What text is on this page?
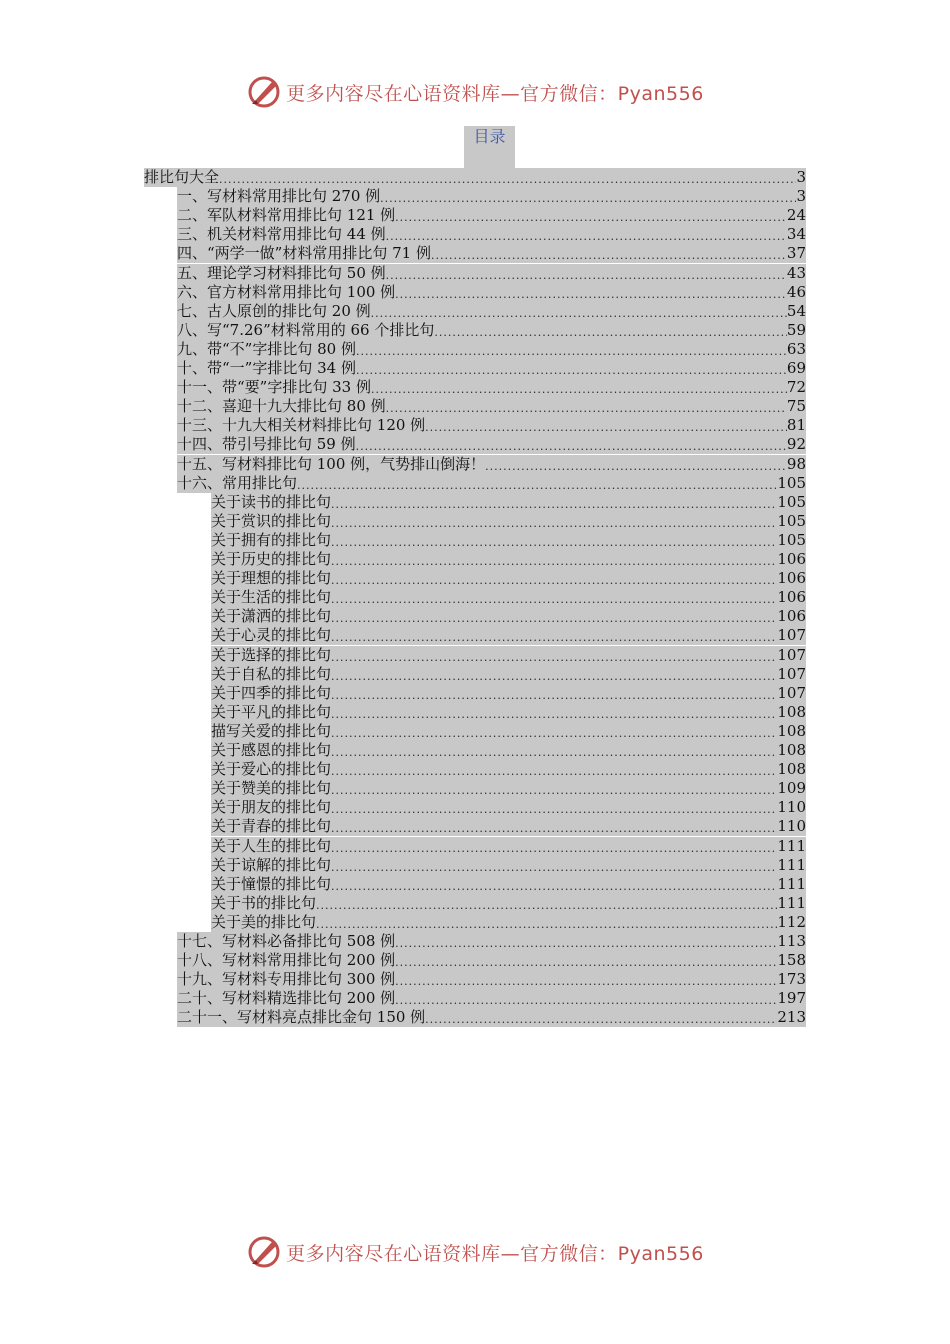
更多内容尽在心语资料库—官方微信：Pyan556
目录
排比句大全 .....	3
一、写材料常用排比句 270 例 .....	3
二、军队材料常用排比句 121 例 .....	24
三、机关材料常用排比句 44 例 .....	34
四、“两学一做”材料常用排比句 71 例 .....	37
五、理论学习材料排比句 50 例 .....	43
六、官方材料常用排比句 100 例 .....	46
七、古人原创的排比句 20 例 .....	54
八、写“7.26”材料常用的 66 个排比句 .....	59
九、带“不”字排比句 80 例 .....	63
十、带“一”字排比句 34 例 .....	69
十一、带“要”字排比句 33 例 .....	72
十二、喜迎十九大排比句 80 例 .....	75
十三、十九大相关材料排比句 120 例 .....	81
十四、带引号排比句 59 例 .....	92
十五、写材料排比句 100 例，气势排山倒海！ .....	98
十六、常用排比句 .....	105
关于读书的排比句 .....	105
关于赏识的排比句 .....	105
关于拥有的排比句 .....	105
关于历史的排比句 .....	106
关于理想的排比句 .....	106
关于生活的排比句 .....	106
关于潇洒的排比句 .....	106
关于心灵的排比句 .....	107
关于选择的排比句 .....	107
关于自私的排比句 .....	107
关于四季的排比句 .....	107
关于平凡的排比句 .....	108
描写关爱的排比句 .....	108
关于感恩的排比句 .....	108
关于爱心的排比句 .....	108
关于赞美的排比句 .....	109
关于朋友的排比句 .....	110
关于青春的排比句 .....	110
关于人生的排比句 .....	111
关于谅解的排比句 .....	111
关于憧憬的排比句 .....	111
关于书的排比句 .....	111
关于美的排比句 .....	112
十七、写材料必备排比句 508 例 .....	113
十八、写材料常用排比句 200 例 .....	158
十九、写材料专用排比句 300 例 .....	173
二十、写材料精选排比句 200 例 .....	197
二十一、写材料亮点排比金句 150 例 .....	213
更多内容尽在心语资料库—官方微信：Pyan556
